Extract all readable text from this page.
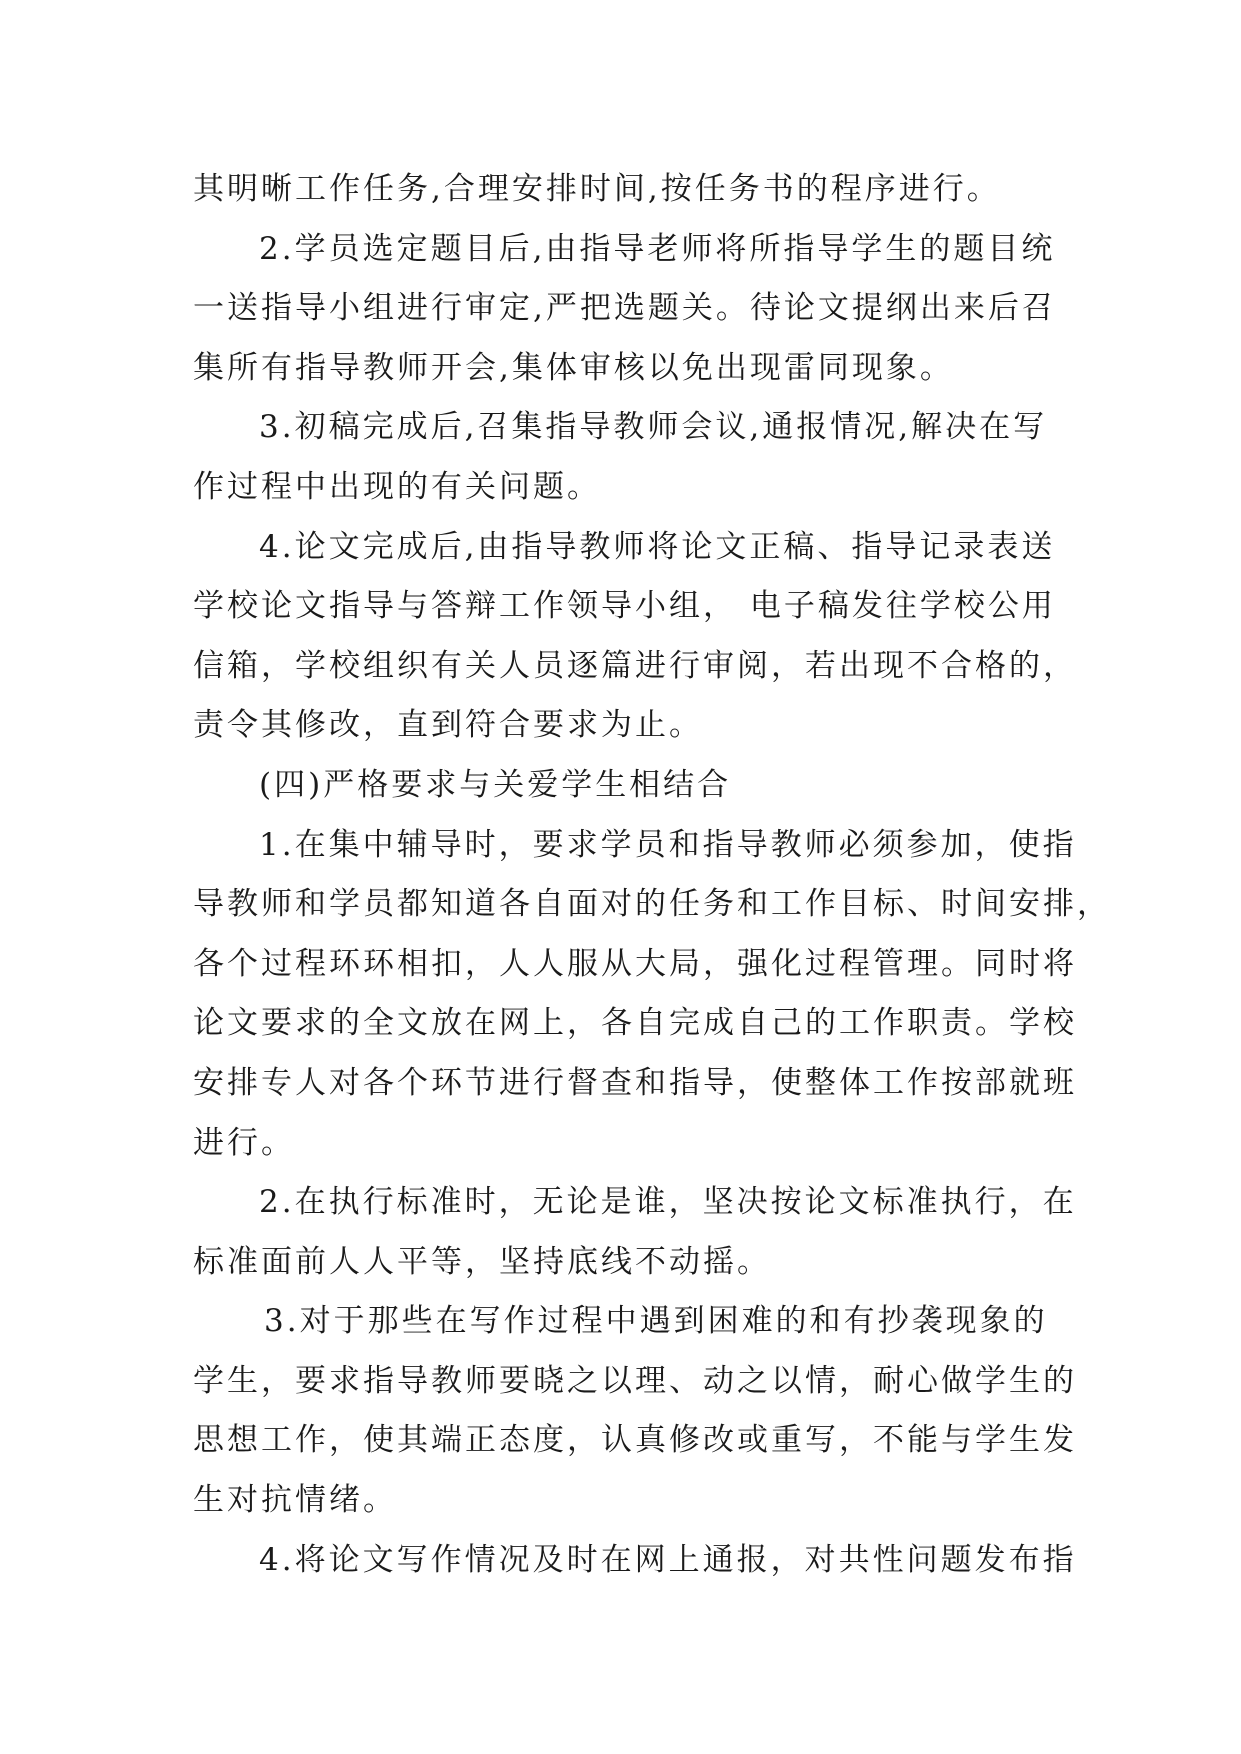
其明晰工作任务,合理安排时间,按任务书的程序进行。
2.学员选定题目后,由指导老师将所指导学生的题目统
一送指导小组进行审定,严把选题关。待论文提纲出来后召
集所有指导教师开会,集体审核以免出现雷同现象。
3.初稿完成后,召集指导教师会议,通报情况,解决在写
作过程中出现的有关问题。
4.论文完成后,由指导教师将论文正稿、指导记录表送
学校论文指导与答辩工作领导小组， 电子稿发往学校公用
信箱，学校组织有关人员逐篇进行审阅，若出现不合格的，
责令其修改，直到符合要求为止。
(四)严格要求与关爱学生相结合
1.在集中辅导时，要求学员和指导教师必须参加，使指
导教师和学员都知道各自面对的任务和工作目标、时间安排，
各个过程环环相扣，人人服从大局，强化过程管理。同时将
论文要求的全文放在网上，各自完成自己的工作职责。学校
安排专人对各个环节进行督查和指导，使整体工作按部就班
进行。
2.在执行标准时，无论是谁，坚决按论文标准执行，在
标准面前人人平等，坚持底线不动摇。
3.对于那些在写作过程中遇到困难的和有抄袭现象的
学生，要求指导教师要晓之以理、动之以情，耐心做学生的
思想工作，使其端正态度，认真修改或重写，不能与学生发
生对抗情绪。
4.将论文写作情况及时在网上通报，对共性问题发布指
